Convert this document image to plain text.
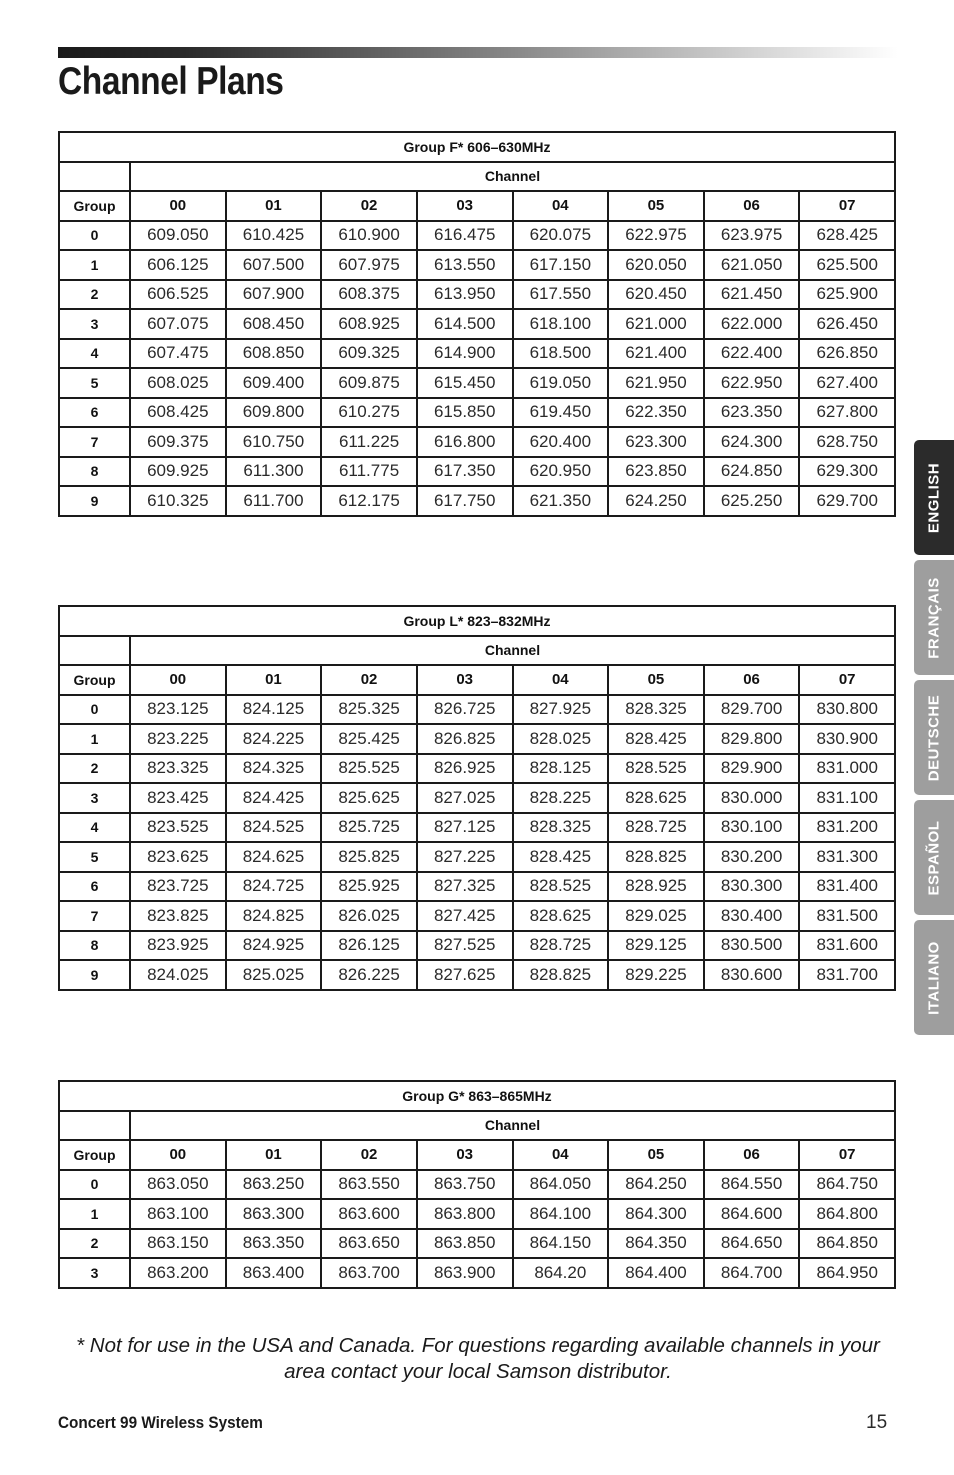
Channel Plans
Group F* 606–630MHz								
	Channel							
Group	00	01	02	03	04	05	06	07
0	609.050	610.425	610.900	616.475	620.075	622.975	623.975	628.425
1	606.125	607.500	607.975	613.550	617.150	620.050	621.050	625.500
2	606.525	607.900	608.375	613.950	617.550	620.450	621.450	625.900
3	607.075	608.450	608.925	614.500	618.100	621.000	622.000	626.450
4	607.475	608.850	609.325	614.900	618.500	621.400	622.400	626.850
5	608.025	609.400	609.875	615.450	619.050	621.950	622.950	627.400
6	608.425	609.800	610.275	615.850	619.450	622.350	623.350	627.800
7	609.375	610.750	611.225	616.800	620.400	623.300	624.300	628.750
8	609.925	611.300	611.775	617.350	620.950	623.850	624.850	629.300
9	610.325	611.700	612.175	617.750	621.350	624.250	625.250	629.700
Group L* 823–832MHz								
	Channel							
Group	00	01	02	03	04	05	06	07
0	823.125	824.125	825.325	826.725	827.925	828.325	829.700	830.800
1	823.225	824.225	825.425	826.825	828.025	828.425	829.800	830.900
2	823.325	824.325	825.525	826.925	828.125	828.525	829.900	831.000
3	823.425	824.425	825.625	827.025	828.225	828.625	830.000	831.100
4	823.525	824.525	825.725	827.125	828.325	828.725	830.100	831.200
5	823.625	824.625	825.825	827.225	828.425	828.825	830.200	831.300
6	823.725	824.725	825.925	827.325	828.525	828.925	830.300	831.400
7	823.825	824.825	826.025	827.425	828.625	829.025	830.400	831.500
8	823.925	824.925	826.125	827.525	828.725	829.125	830.500	831.600
9	824.025	825.025	826.225	827.625	828.825	829.225	830.600	831.700
Group G* 863–865MHz								
	Channel							
Group	00	01	02	03	04	05	06	07
0	863.050	863.250	863.550	863.750	864.050	864.250	864.550	864.750
1	863.100	863.300	863.600	863.800	864.100	864.300	864.600	864.800
2	863.150	863.350	863.650	863.850	864.150	864.350	864.650	864.850
3	863.200	863.400	863.700	863.900	864.20	864.400	864.700	864.950

* Not for use in the USA and Canada. For questions regarding available channels in your area contact your local Samson distributor.

Concert 99 Wireless System	15
ENGLISH
FRANÇAIS
DEUTSCHE
ESPAÑOL
ITALIANO
